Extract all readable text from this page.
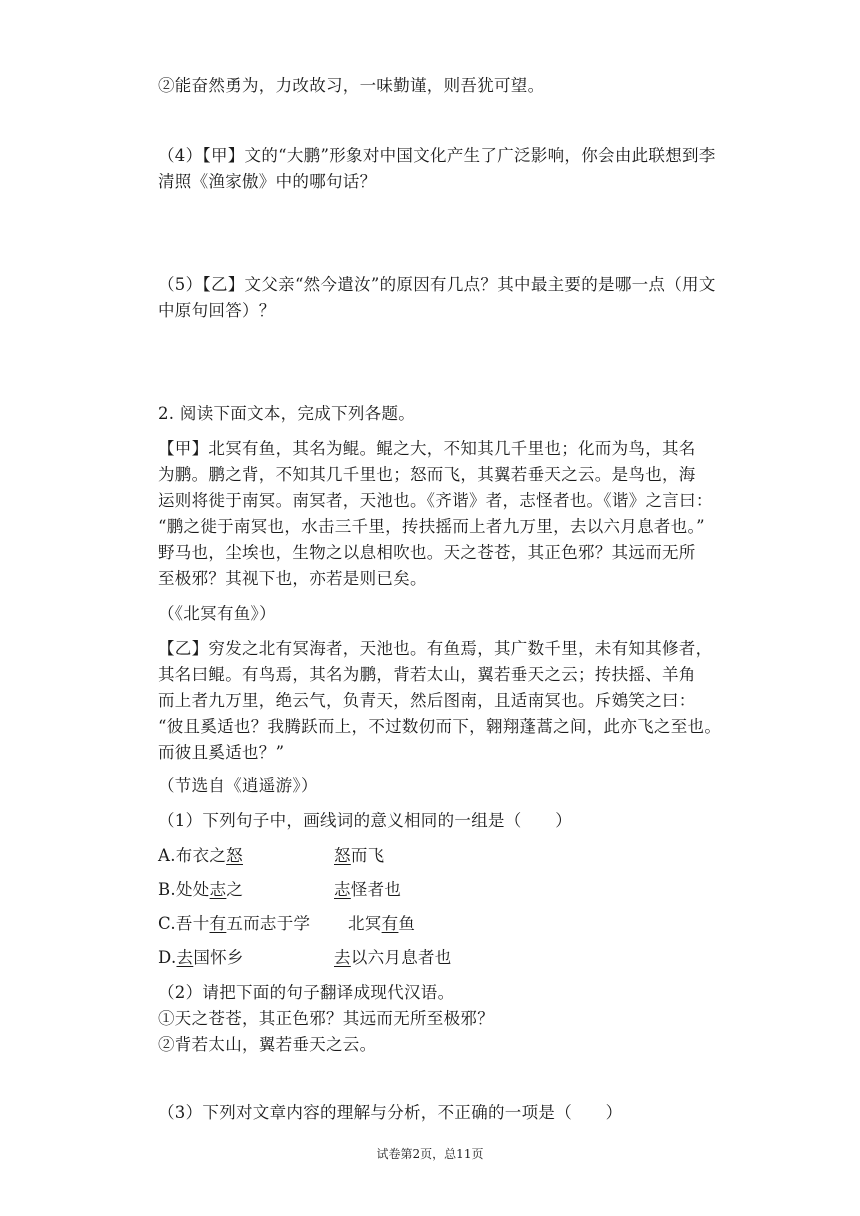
②能奋然勇为，力改故习，一味勤谨，则吾犹可望。

（4）【甲】文的“大鹏”形象对中国文化产生了广泛影响，你会由此联想到李

清照《渔家傲》中的哪句话？

（5）【乙】文父亲“然今遣汝”的原因有几点？其中最主要的是哪一点（用文

中原句回答）？

2. 阅读下面文本，完成下列各题。

【甲】北冥有鱼，其名为鲲。鲲之大，不知其几千里也；化而为鸟，其名

为鹏。鹏之背，不知其几千里也；怒而飞，其翼若垂天之云。是鸟也，海

运则将徙于南冥。南冥者，天池也。《齐谐》者，志怪者也。《谐》之言曰：

“鹏之徙于南冥也，水击三千里，抟扶摇而上者九万里，去以六月息者也。”

野马也，尘埃也，生物之以息相吹也。天之苍苍，其正色邪？其远而无所

至极邪？其视下也，亦若是则已矣。

（《北冥有鱼》）

【乙】穷发之北有冥海者，天池也。有鱼焉，其广数千里，未有知其修者，

其名曰鲲。有鸟焉，其名为鹏，背若太山，翼若垂天之云；抟扶摇、羊角

而上者九万里，绝云气，负青天，然后图南，且适南冥也。斥鴳笑之曰：

“彼且奚适也？我腾跃而上，不过数仞而下，翱翔蓬蒿之间，此亦飞之至也。

而彼且奚适也？”

（节选自《逍遥游》）

（1）下列句子中，画线词的意义相同的一组是（　　）

A.布衣之怒	怒而飞
B.处处志之	志怪者也
C.吾十有五而志于学 北冥有鱼
D.去国怀乡	去以六月息者也

（2）请把下面的句子翻译成现代汉语。

①天之苍苍，其正色邪？其远而无所至极邪？

②背若太山，翼若垂天之云。

（3）下列对文章内容的理解与分析，不正确的一项是（　　）

试卷第2页，总11页
